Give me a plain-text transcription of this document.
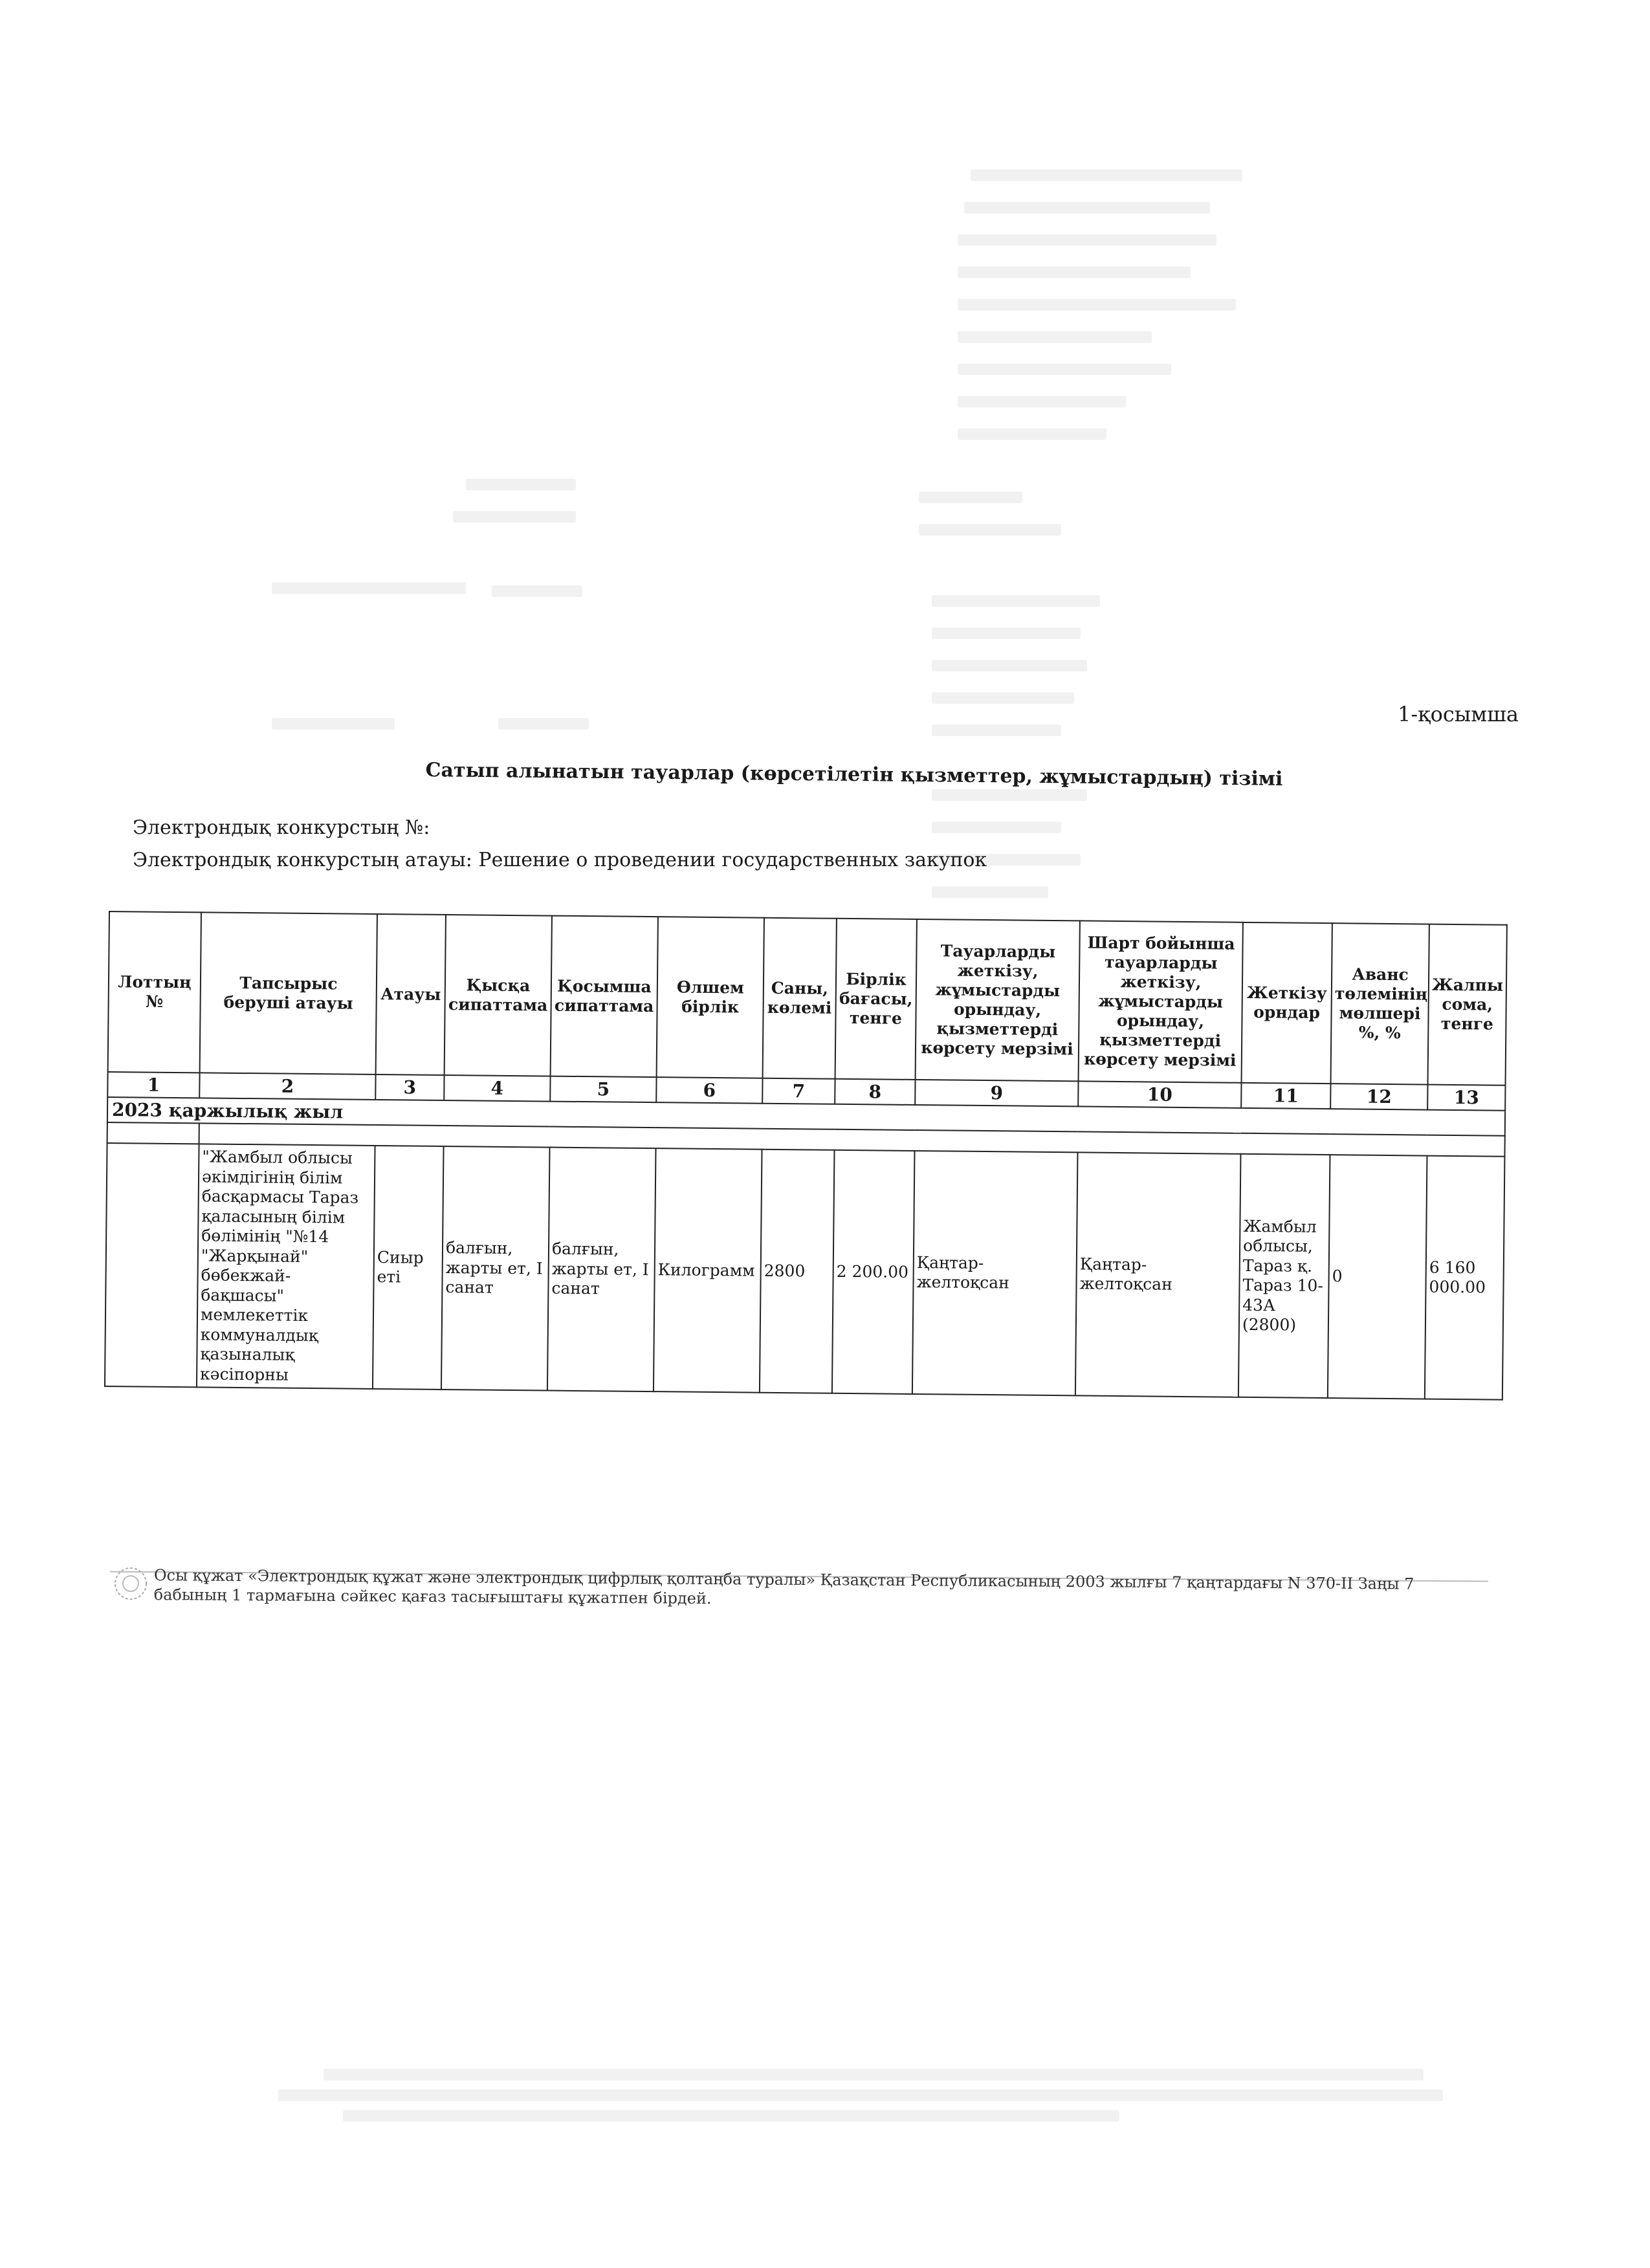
1-қосымша
Сатып алынатын тауарлар (көрсетілетін қызметтер, жұмыстардың) тізімі
Электрондық конкурстың №:
Электрондық конкурстың атауы: Решение о проведении государственных закупок
Лоттың №	Тапсырыс беруші атауы	Атауы	Қысқа сипаттама	Қосымша сипаттама	Өлшем бірлік	Саны, көлемі	Бірлік бағасы, тенге	Тауарларды жеткізу, жұмыстарды орындау, қызметтерді көрсету мерзімі	Шарт бойынша тауарларды жеткізу, жұмыстарды орындау, қызметтерді көрсету мерзімі	Жеткізу орндар	Аванс төлемінің мөлшері %, %	Жалпы сома, тенге
1	2	3	4	5	6	7	8	9	10	11	12	13
2023 қаржылық жыл												

	"Жамбыл облысы әкімдігінің білім басқармасы Тараз қаласының білім бөлімінің "№14 "Жарқынай" бөбекжай-бақшасы" мемлекеттік коммуналдық қазыналық кәсіпорны	Сиыр еті	балғын, жарты ет, I санат	балғын, жарты ет, I санат	Килограмм	2800	2 200.00	Қаңтар-желтоқсан	Қаңтар-желтоқсан	Жамбыл облысы, Тараз қ. Тараз 10-43А (2800)	0	6 160 000.00
Осы құжат «Электрондық құжат және электрондық цифрлық қолтаңба туралы» Қазақстан Республикасының 2003 жылғы 7 қаңтардағы N 370-II Заңы 7 бабының 1 тармағына сәйкес қағаз тасығыштағы құжатпен бірдей.
